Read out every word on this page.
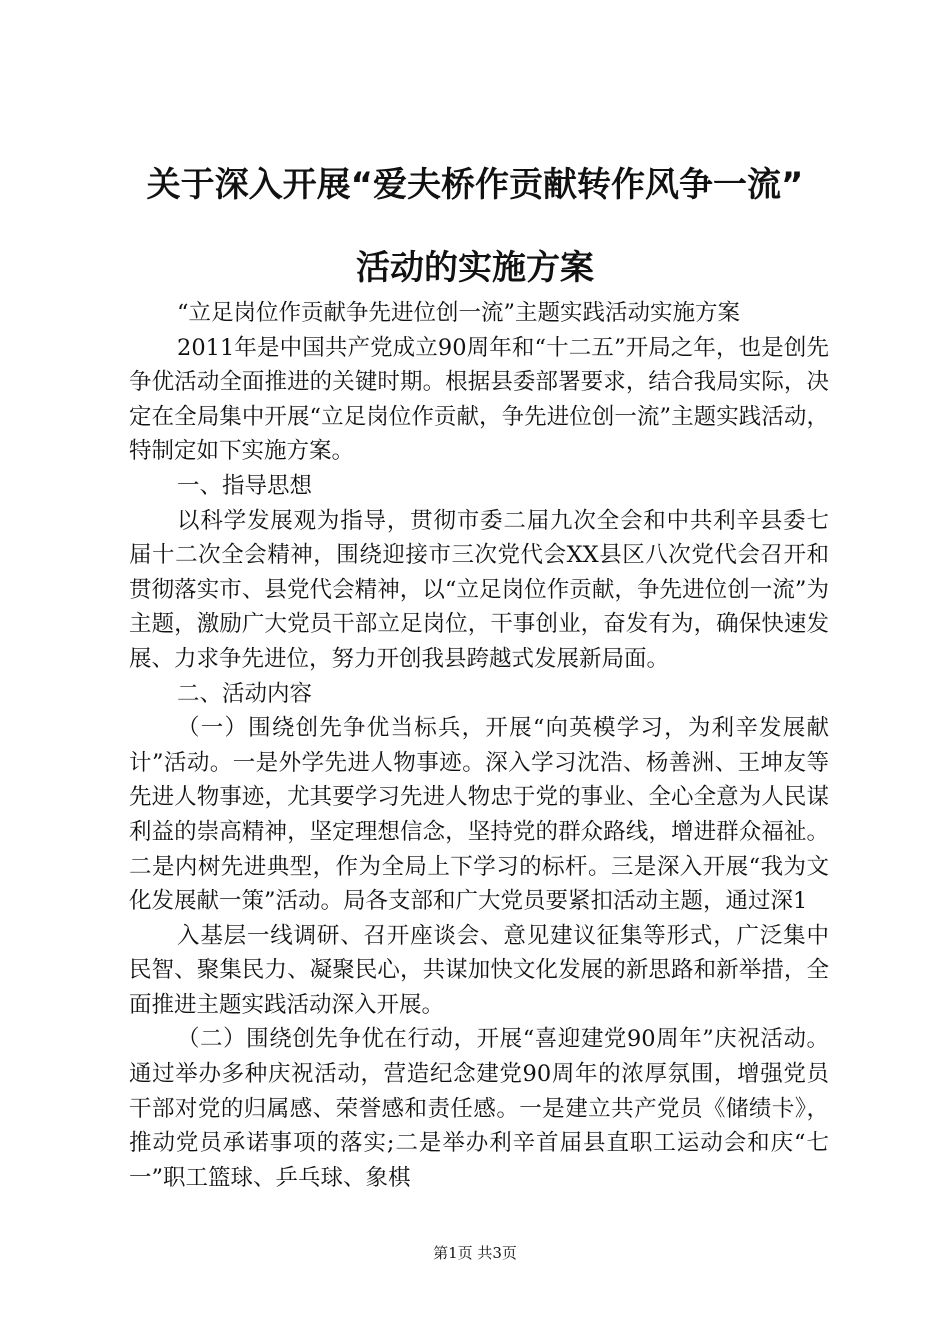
关于深入开展“爱夫桥作贡献转作风争一流”
活动的实施方案

“立足岗位作贡献争先进位创一流”主题实践活动实施方案

2011年是中国共产党成立90周年和“十二五”开局之年，也是创先争优活动全面推进的关键时期。根据县委部署要求，结合我局实际，决定在全局集中开展“立足岗位作贡献，争先进位创一流”主题实践活动，特制定如下实施方案。

一、指导思想

以科学发展观为指导，贯彻市委二届九次全会和中共利辛县委七届十二次全会精神，围绕迎接市三次党代会XX县区八次党代会召开和贯彻落实市、县党代会精神，以“立足岗位作贡献，争先进位创一流”为主题，激励广大党员干部立足岗位，干事创业，奋发有为，确保快速发展、力求争先进位，努力开创我县跨越式发展新局面。

二、活动内容

（一）围绕创先争优当标兵，开展“向英模学习，为利辛发展献计”活动。一是外学先进人物事迹。深入学习沈浩、杨善洲、王坤友等先进人物事迹，尤其要学习先进人物忠于党的事业、全心全意为人民谋利益的崇高精神，坚定理想信念，坚持党的群众路线，增进群众福祉。二是内树先进典型，作为全局上下学习的标杆。三是深入开展“我为文化发展献一策”活动。局各支部和广大党员要紧扣活动主题，通过深1

入基层一线调研、召开座谈会、意见建议征集等形式，广泛集中民智、聚集民力、凝聚民心，共谋加快文化发展的新思路和新举措，全面推进主题实践活动深入开展。

（二）围绕创先争优在行动，开展“喜迎建党90周年”庆祝活动。通过举办多种庆祝活动，营造纪念建党90周年的浓厚氛围，增强党员干部对党的归属感、荣誉感和责任感。一是建立共产党员《储绩卡》，推动党员承诺事项的落实;二是举办利辛首届县直职工运动会和庆“七一”职工篮球、乒乓球、象棋

第1页 共3页
